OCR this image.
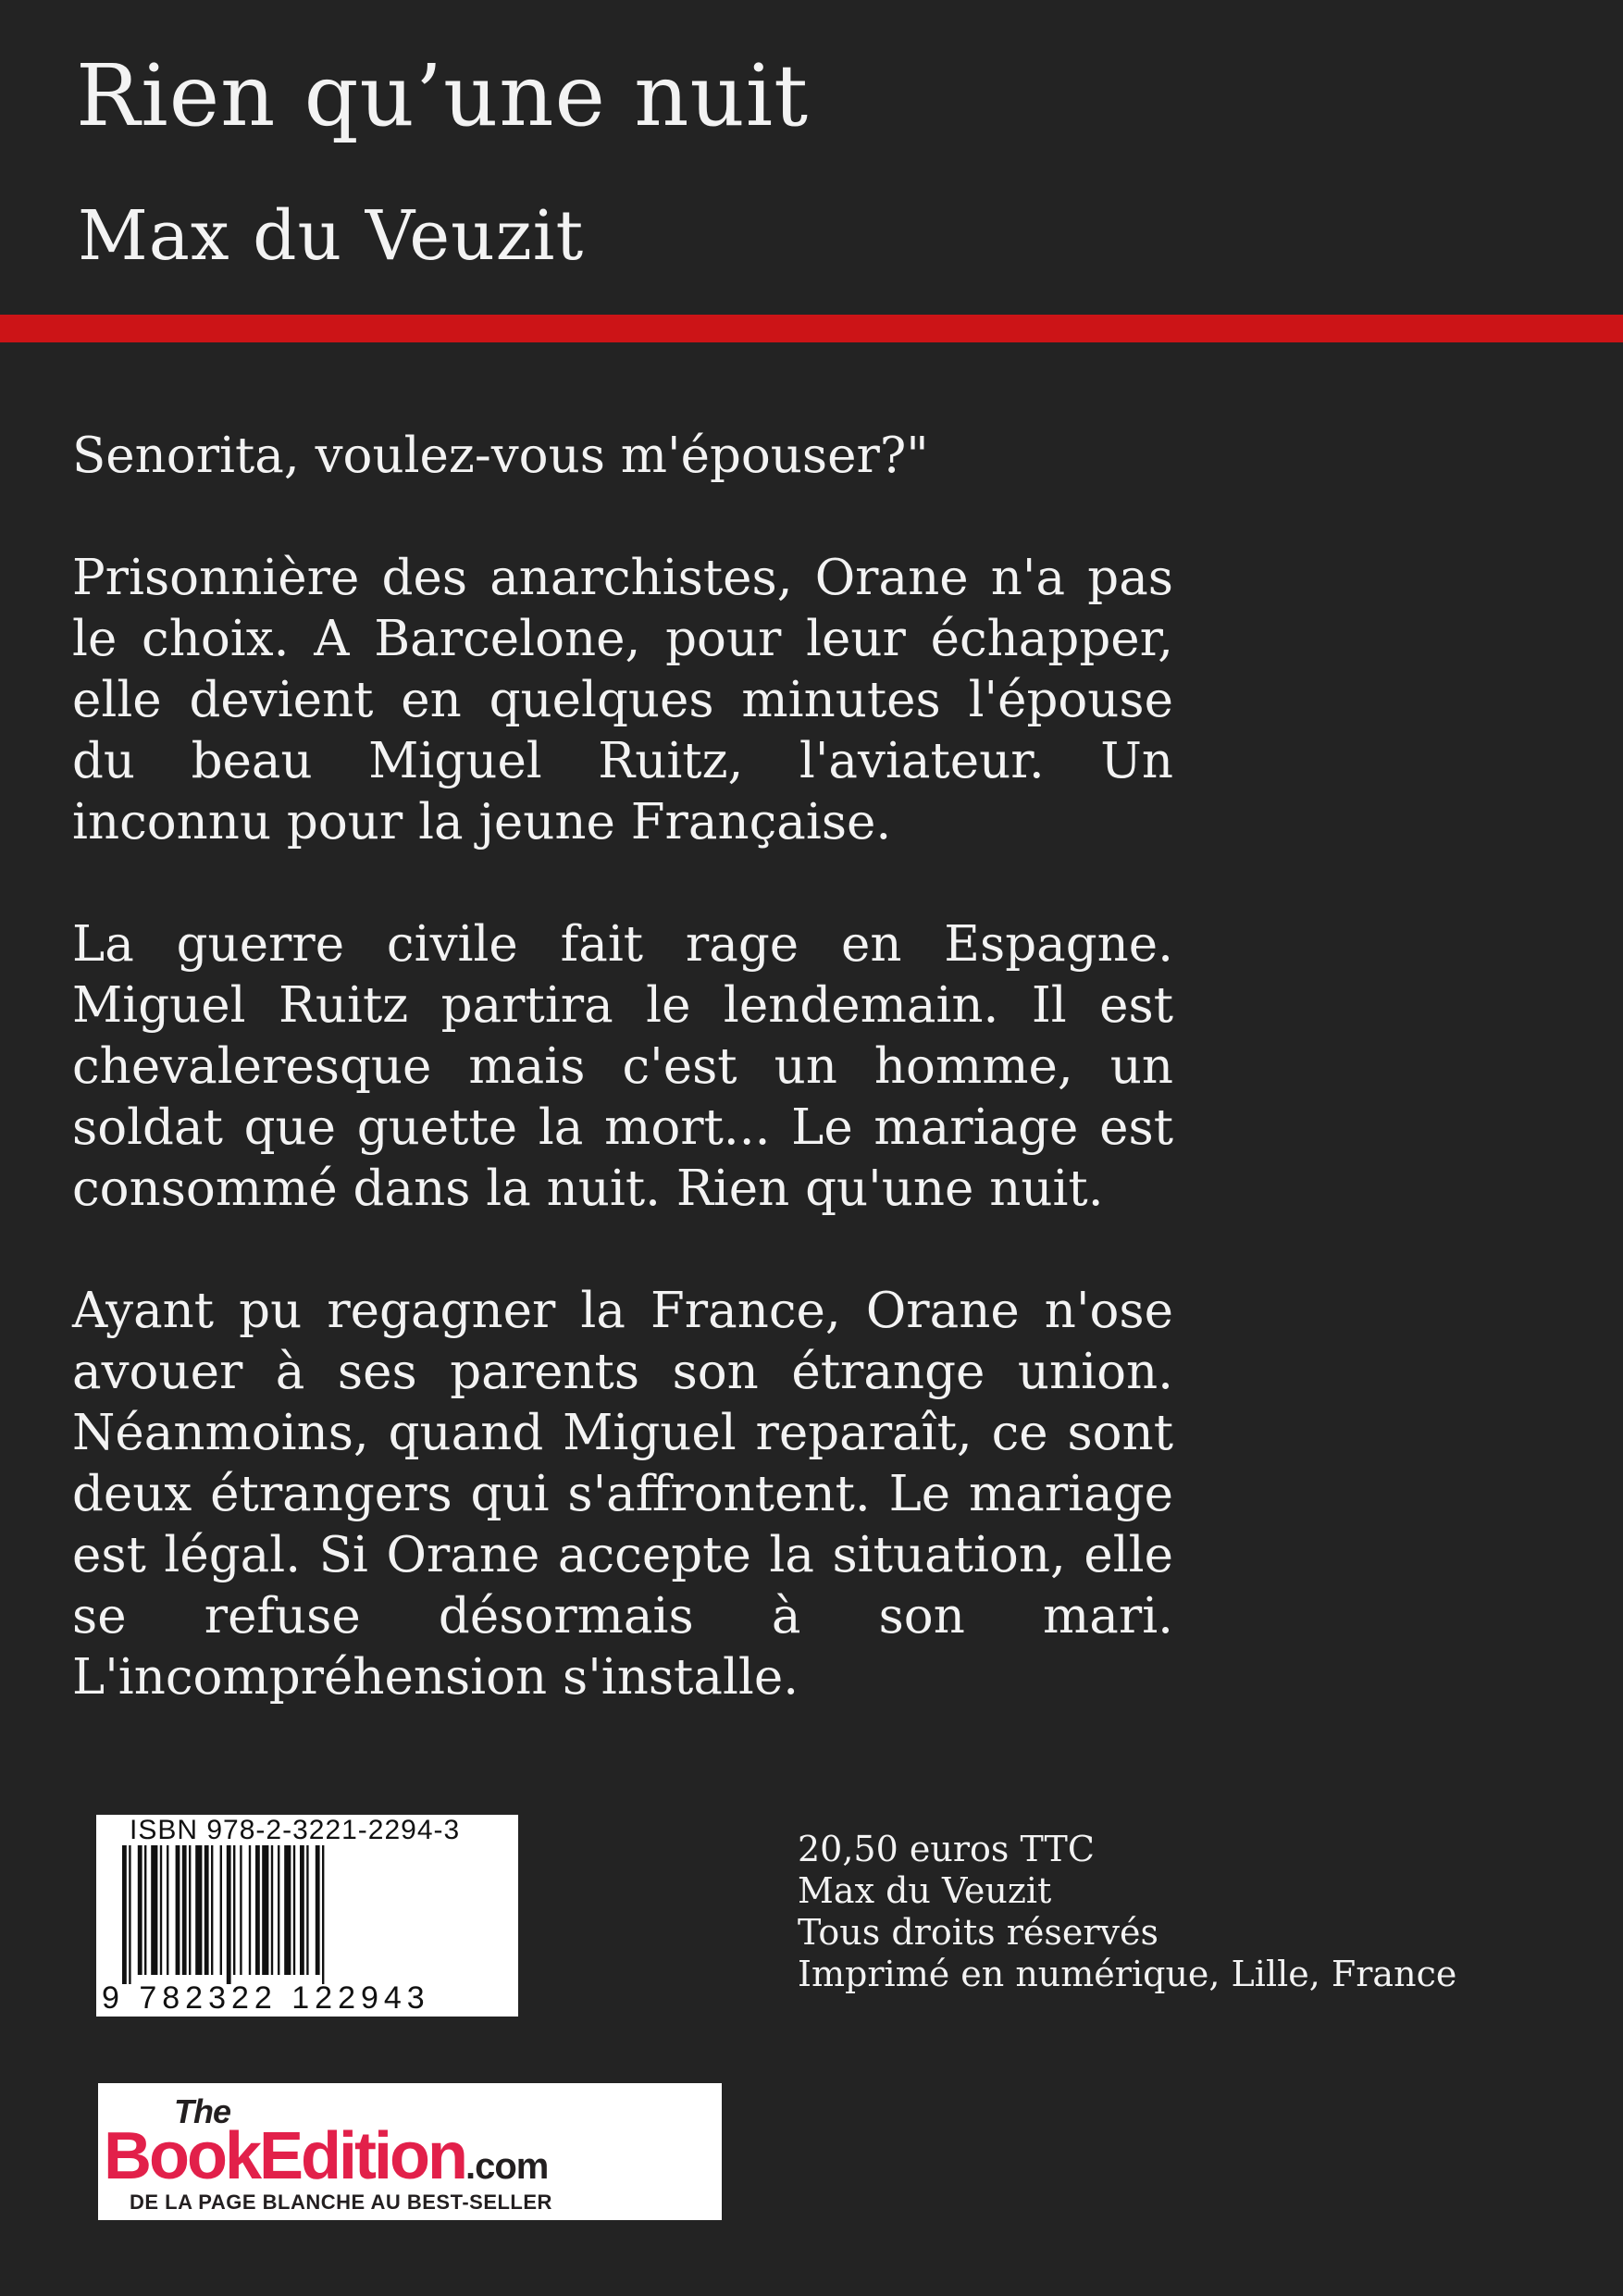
Rien qu’une nuit
Max du Veuzit

Senorita, voulez-vous m'épouser?"

Prisonnière des anarchistes, Orane n'a pas le choix. A Barcelone, pour leur échapper, elle devient en quelques minutes l'épouse du beau Miguel Ruitz, l'aviateur. Un inconnu pour la jeune Française.

La guerre civile fait rage en Espagne. Miguel Ruitz partira le lendemain. Il est chevaleresque mais c'est un homme, un soldat que guette la mort... Le mariage est consommé dans la nuit. Rien qu'une nuit.

Ayant pu regagner la France, Orane n'ose avouer à ses parents son étrange union. Néanmoins, quand Miguel reparaît, ce sont deux étrangers qui s'affrontent. Le mariage est légal. Si Orane accepte la situation, elle se refuse désormais à son mari. L'incompréhension s'installe.

ISBN 978-2-3221-2294-3
9 782322 122943
20,50 euros TTC
Max du Veuzit
Tous droits réservés
Imprimé en numérique, Lille, France
The
BookEdition.com
DE LA PAGE BLANCHE AU BEST-SELLER
